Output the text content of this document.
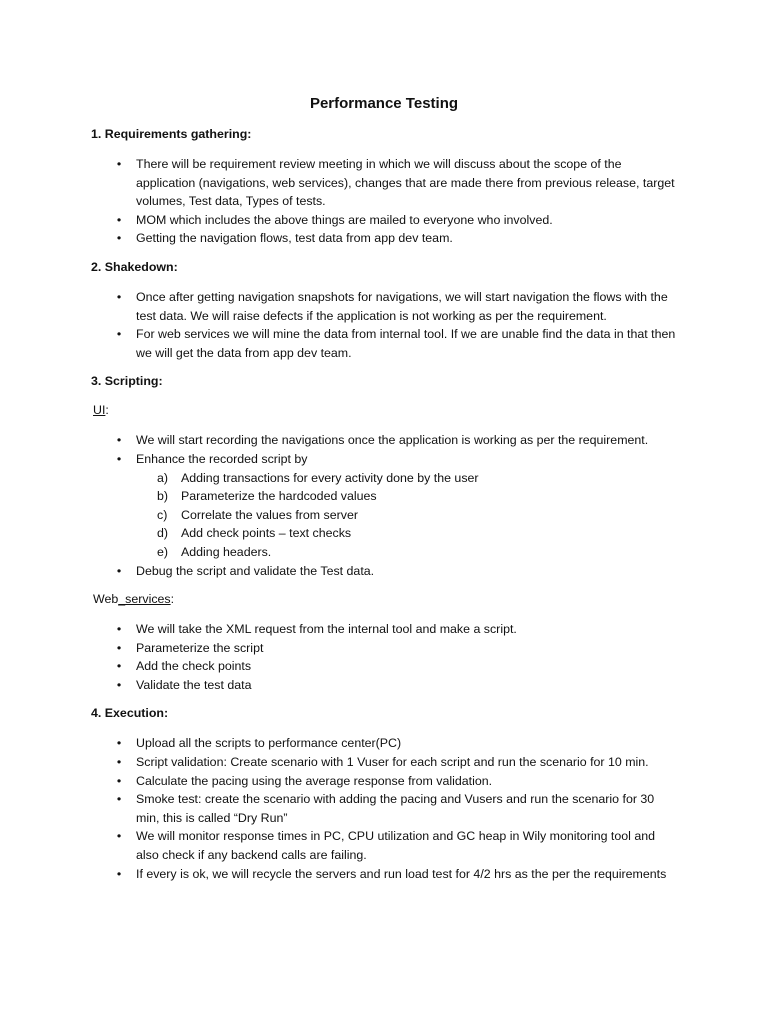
Performance Testing
1. Requirements gathering:
• There will be requirement review meeting in which we will discuss about the scope of the application (navigations, web services), changes that are made there from previous release, target volumes, Test data, Types of tests.
• MOM which includes the above things are mailed to everyone who involved.
• Getting the navigation flows, test data from app dev team.
2. Shakedown:
• Once after getting navigation snapshots for navigations, we will start navigation the flows with the test data. We will raise defects if the application is not working as per the requirement.
• For web services we will mine the data from internal tool. If we are unable find the data in that then we will get the data from app dev team.
3. Scripting:
UI:
• We will start recording the navigations once the application is working as per the requirement.
• Enhance the recorded script by
a) Adding transactions for every activity done by the user
b) Parameterize the hardcoded values
c) Correlate the values from server
d) Add check points – text checks
e) Adding headers.
• Debug the script and validate the Test data.
Web_services:
• We will take the XML request from the internal tool and make a script.
• Parameterize the script
• Add the check points
• Validate the test data
4. Execution:
• Upload all the scripts to performance center(PC)
• Script validation: Create scenario with 1 Vuser for each script and run the scenario for 10 min.
• Calculate the pacing using the average response from validation.
• Smoke test: create the scenario with adding the pacing and Vusers and run the scenario for 30 min, this is called “Dry Run”
• We will monitor response times in PC, CPU utilization and GC heap in Wily monitoring tool and also check if any backend calls are failing.
• If every is ok, we will recycle the servers and run load test for 4/2 hrs as the per the requirements
